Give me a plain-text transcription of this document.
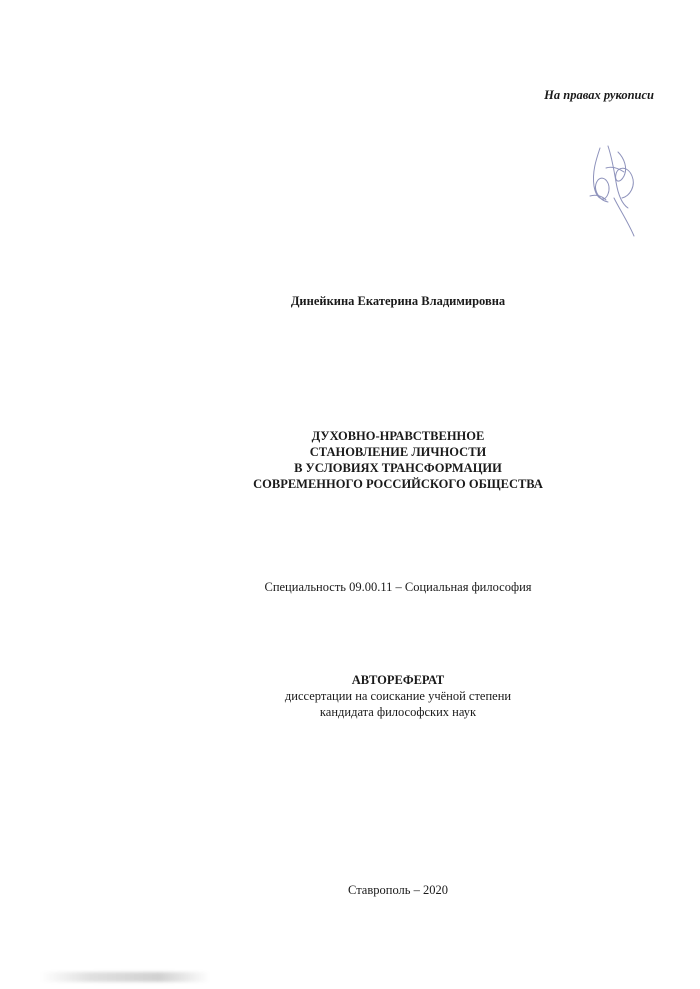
На правах рукописи
Динейкина Екатерина Владимировна
ДУХОВНО-НРАВСТВЕННОЕ
СТАНОВЛЕНИЕ ЛИЧНОСТИ
В УСЛОВИЯХ ТРАНСФОРМАЦИИ
СОВРЕМЕННОГО РОССИЙСКОГО ОБЩЕСТВА
Специальность 09.00.11 – Социальная философия
АВТОРЕФЕРАТ
диссертации на соискание учёной степени
кандидата философских наук
Ставрополь – 2020
